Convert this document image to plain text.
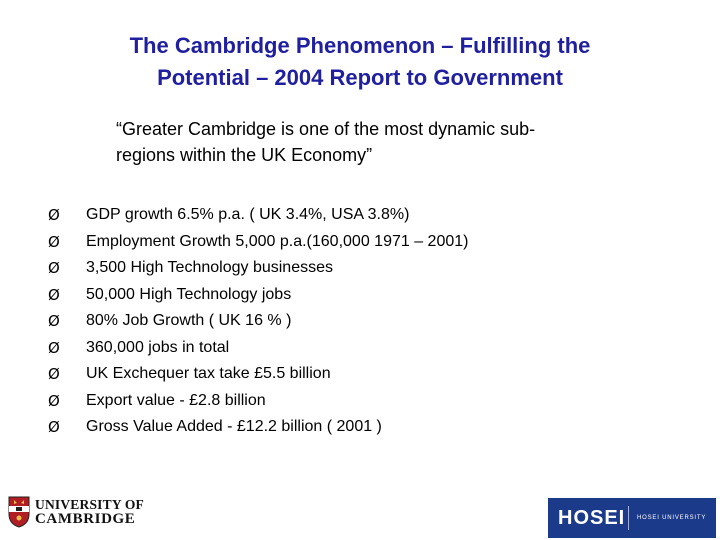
The Cambridge Phenomenon – Fulfilling the
Potential – 2004 Report to Government
“Greater Cambridge is one of the most dynamic sub-
regions within the UK Economy”
Ø	GDP growth 6.5% p.a. ( UK 3.4%, USA 3.8%)
Ø	Employment Growth 5,000 p.a.(160,000 1971 – 2001)
Ø	3,500 High Technology businesses
Ø	50,000 High Technology jobs
Ø	80% Job Growth ( UK 16 % )
Ø	360,000 jobs in total
Ø	UK Exchequer tax take £5.5 billion
Ø	Export value - £2.8 billion
Ø	Gross Value Added - £12.2 billion ( 2001 )
UNIVERSITY OF
CAMBRIDGE	HOSEI	HOSEI UNIVERSITY
